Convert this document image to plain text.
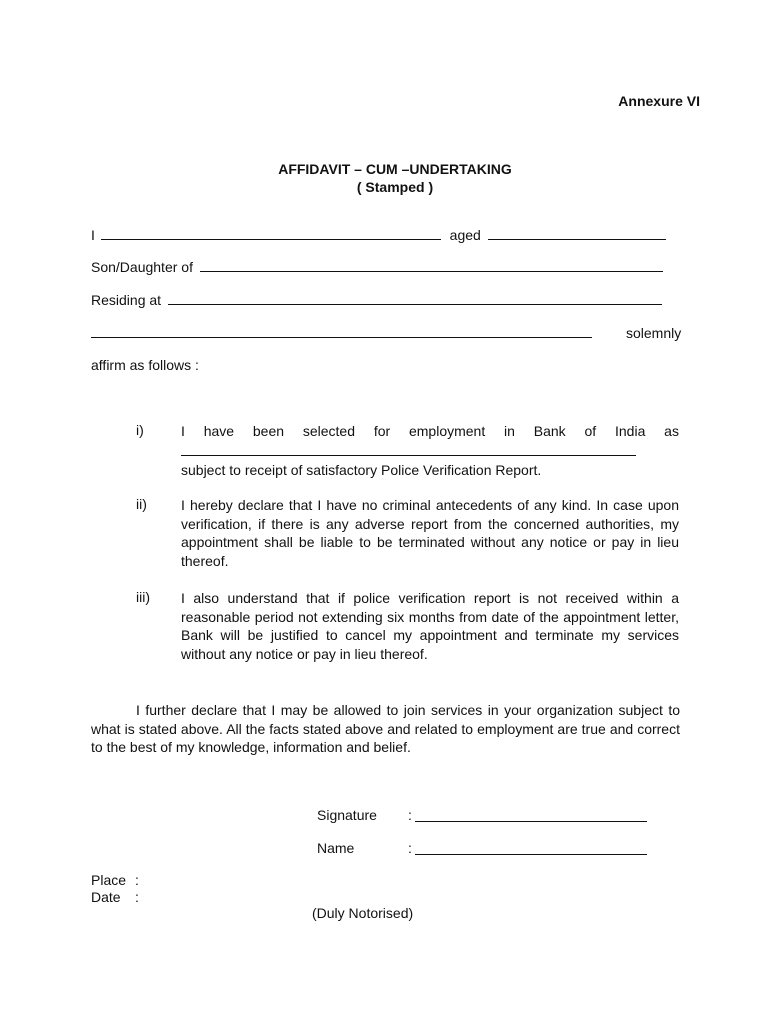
Annexure VI
AFFIDAVIT – CUM –UNDERTAKING
( Stamped )
I	aged
Son/Daughter of
Residing at
solemnly
affirm as follows :
i)	I have been selected for employment in Bank of India as
subject to receipt of satisfactory Police Verification Report.
ii) I hereby declare that I have no criminal antecedents of any kind. In case upon verification, if there is any adverse report from the concerned authorities, my appointment shall be liable to be terminated without any notice or pay in lieu thereof.
iii) I also understand that if police verification report is not received within a reasonable period not extending six months from date of the appointment letter, Bank will be justified to cancel my appointment and terminate my services without any notice or pay in lieu thereof.
I further declare that I may be allowed to join services in your organization subject to what is stated above. All the facts stated above and related to employment are true and correct to the best of my knowledge, information and belief.
Signature :
Name	:
Place :
Date :
(Duly Notorised)
